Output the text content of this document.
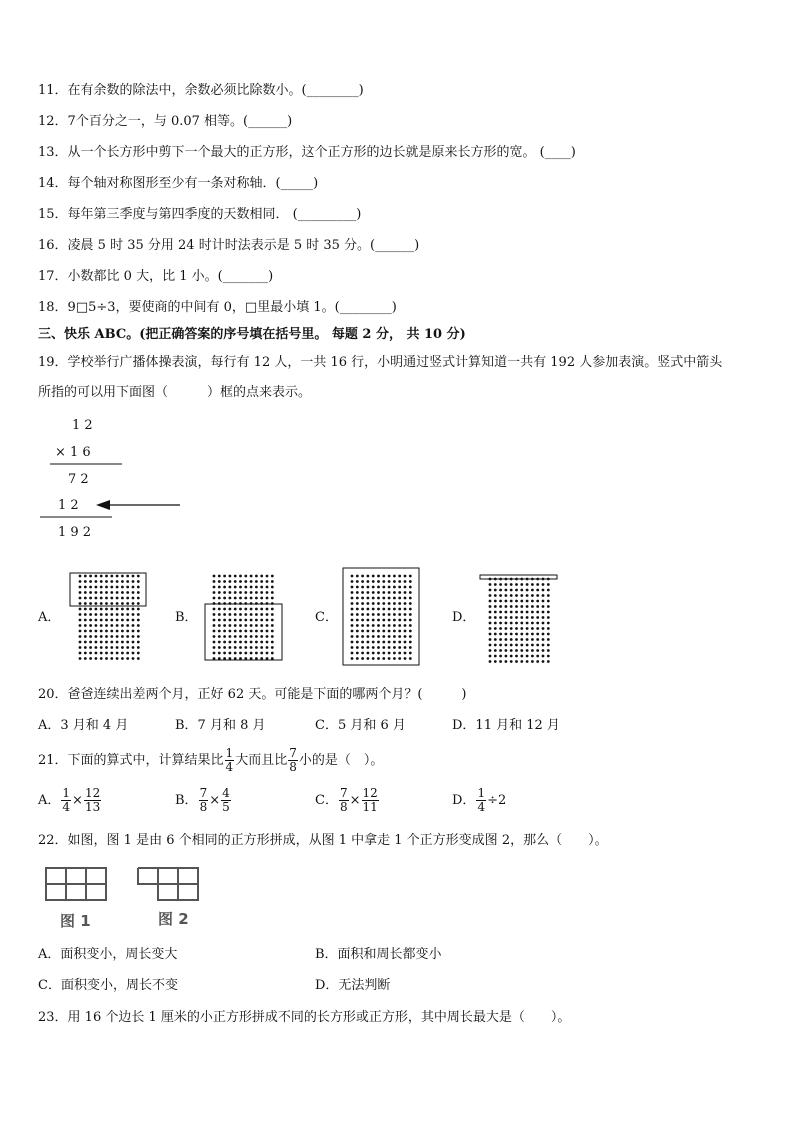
11．在有余数的除法中，余数必须比除数小。(________)
12．7个百分之一，与 0.07 相等。(______)
13．从一个长方形中剪下一个最大的正方形，这个正方形的边长就是原来长方形的宽。 (____)
14．每个轴对称图形至少有一条对称轴．(_____)
15．每年第三季度与第四季度的天数相同． (_________)
16．凌晨 5 时 35 分用 24 时计时法表示是 5 时 35 分。(______)
17．小数都比 0 大，比 1 小。(_______)
18．9□5÷3，要使商的中间有 0，□里最小填 1。(________)
三、快乐 ABC。(把正确答案的序号填在括号里。 每题 2 分， 共 10 分)
19．学校举行广播体操表演，每行有 12 人，一共 16 行，小明通过竖式计算知道一共有 192 人参加表演。竖式中箭头
所指的可以用下面图（　　　）框的点来表示。
1 2
× 1 6
7 2
1 2
1 9 2
A．	B．	C．	D．
20．爸爸连续出差两个月，正好 62 天。可能是下面的哪两个月？(　　　)
A．3 月和 4 月	B．7 月和 8 月	C．5 月和 6 月	D．11 月和 12 月
21．下面的算式中，计算结果比 $\frac{1}{4}$ 大而且比 $\frac{7}{8}$ 小的是（　）。
A． $\frac{1}{4} \times \frac{12}{13}$	B． $\frac{7}{8} \times \frac{4}{5}$	C． $\frac{7}{8} \times \frac{12}{11}$	D． $\frac{1}{4} \div 2$
22．如图，图 1 是由 6 个相同的正方形拼成，从图 1 中拿走 1 个正方形变成图 2，那么（　　）。
图 1	图 2
A．面积变小，周长变大	B．面积和周长都变小
C．面积变小，周长不变	D．无法判断
23．用 16 个边长 1 厘米的小正方形拼成不同的长方形或正方形，其中周长最大是（　　）。
